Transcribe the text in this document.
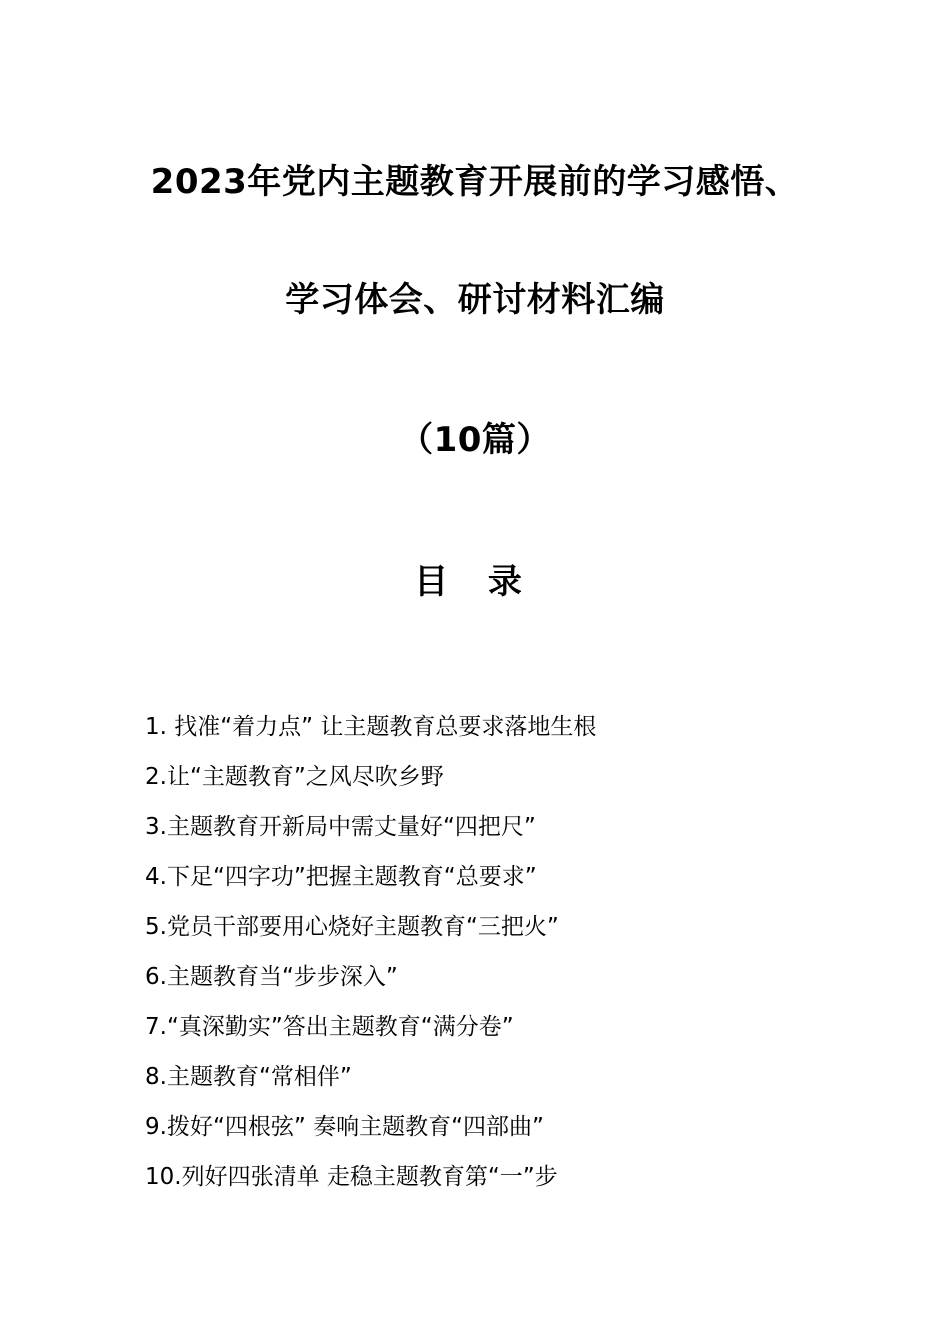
2023年党内主题教育开展前的学习感悟、
学习体会、研讨材料汇编
（10篇）
目 录
1. 找准“着力点” 让主题教育总要求落地生根
2.让“主题教育”之风尽吹乡野
3.主题教育开新局中需丈量好“四把尺”
4.下足“四字功”把握主题教育“总要求”
5.党员干部要用心烧好主题教育“三把火”
6.主题教育当“步步深入”
7.“真深勤实”答出主题教育“满分卷”
8.主题教育“常相伴”
9.拨好“四根弦” 奏响主题教育“四部曲”
10.列好四张清单 走稳主题教育第“一”步
